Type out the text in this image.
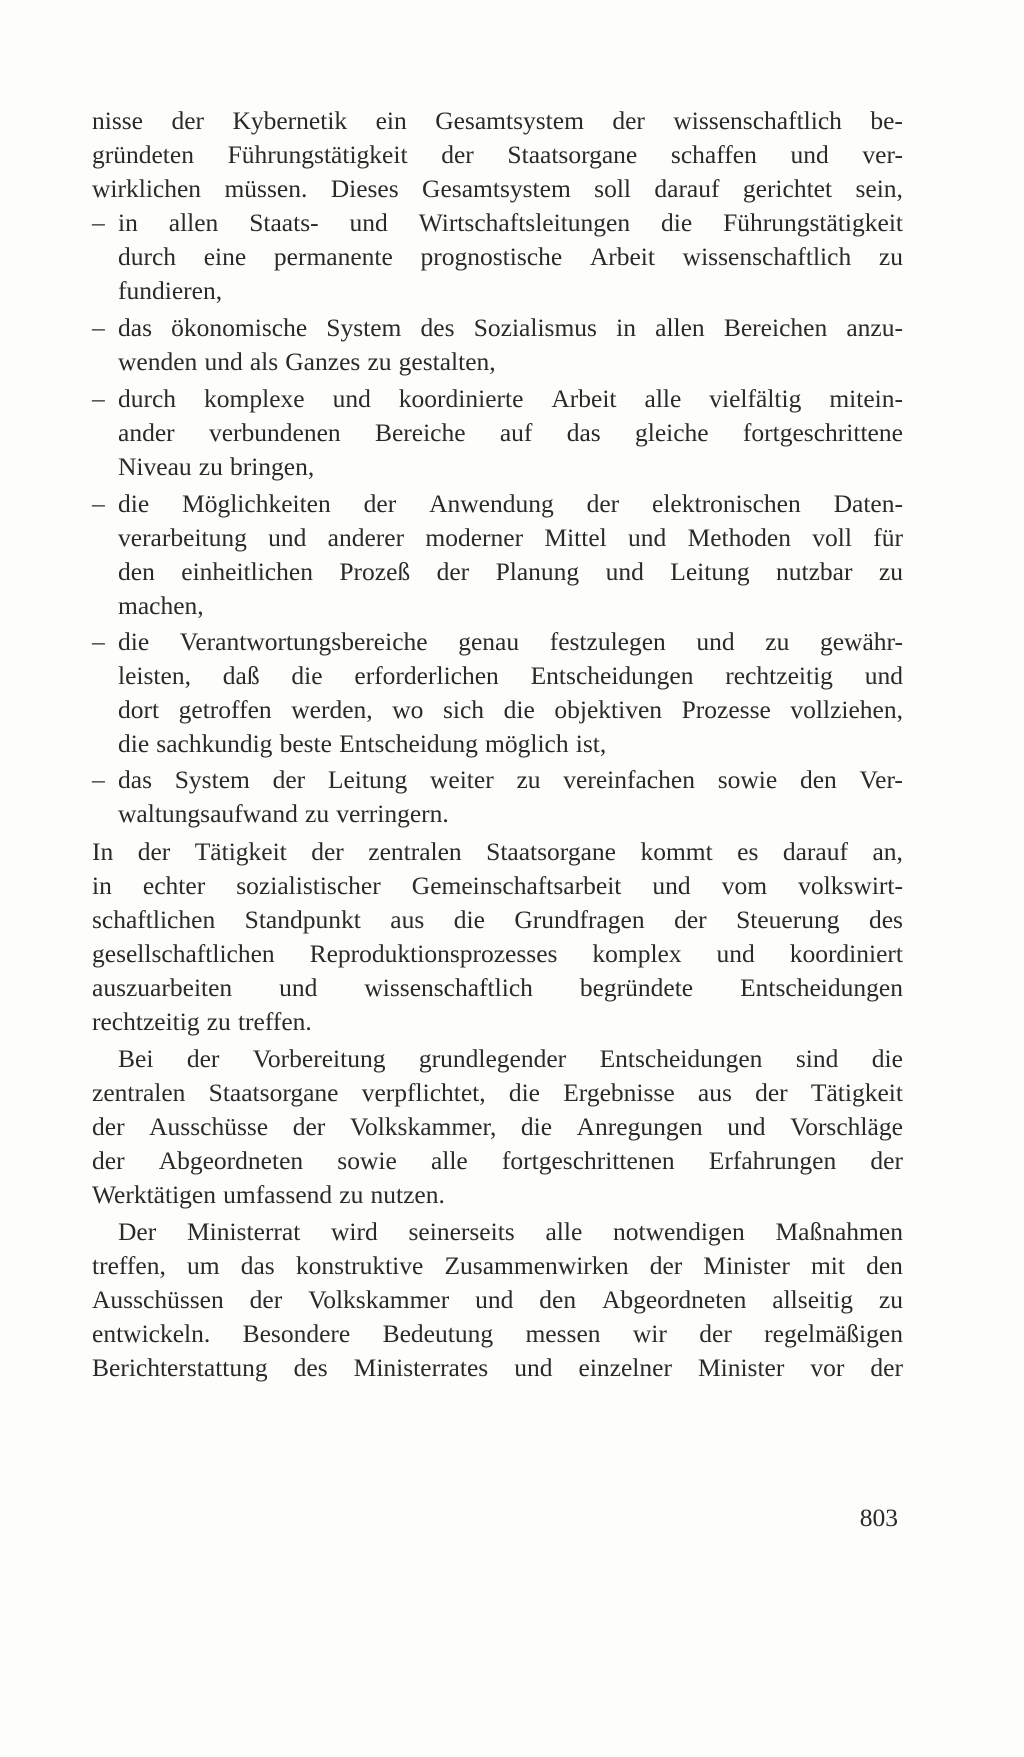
nisse der Kybernetik ein Gesamtsystem der wissenschaftlich be-
gründeten Führungstätigkeit der Staatsorgane schaffen und ver-
wirklichen müssen. Dieses Gesamtsystem soll darauf gerichtet sein,
– in allen Staats- und Wirtschaftsleitungen die Führungstätigkeit
durch eine permanente prognostische Arbeit wissenschaftlich zu
fundieren,
– das ökonomische System des Sozialismus in allen Bereichen anzu-
wenden und als Ganzes zu gestalten,
– durch komplexe und koordinierte Arbeit alle vielfältig mitein-
ander verbundenen Bereiche auf das gleiche fortgeschrittene
Niveau zu bringen,
– die Möglichkeiten der Anwendung der elektronischen Daten-
verarbeitung und anderer moderner Mittel und Methoden voll für
den einheitlichen Prozeß der Planung und Leitung nutzbar zu
machen,
– die Verantwortungsbereiche genau festzulegen und zu gewähr-
leisten, daß die erforderlichen Entscheidungen rechtzeitig und
dort getroffen werden, wo sich die objektiven Prozesse vollziehen,
die sachkundig beste Entscheidung möglich ist,
– das System der Leitung weiter zu vereinfachen sowie den Ver-
waltungsaufwand zu verringern.
In der Tätigkeit der zentralen Staatsorgane kommt es darauf an,
in echter sozialistischer Gemeinschaftsarbeit und vom volkswirt-
schaftlichen Standpunkt aus die Grundfragen der Steuerung des
gesellschaftlichen Reproduktionsprozesses komplex und koordiniert
auszuarbeiten und wissenschaftlich begründete Entscheidungen
rechtzeitig zu treffen.
Bei der Vorbereitung grundlegender Entscheidungen sind die
zentralen Staatsorgane verpflichtet, die Ergebnisse aus der Tätigkeit
der Ausschüsse der Volkskammer, die Anregungen und Vorschläge
der Abgeordneten sowie alle fortgeschrittenen Erfahrungen der
Werktätigen umfassend zu nutzen.
Der Ministerrat wird seinerseits alle notwendigen Maßnahmen
treffen, um das konstruktive Zusammenwirken der Minister mit den
Ausschüssen der Volkskammer und den Abgeordneten allseitig zu
entwickeln. Besondere Bedeutung messen wir der regelmäßigen
Berichterstattung des Ministerrates und einzelner Minister vor der
803
